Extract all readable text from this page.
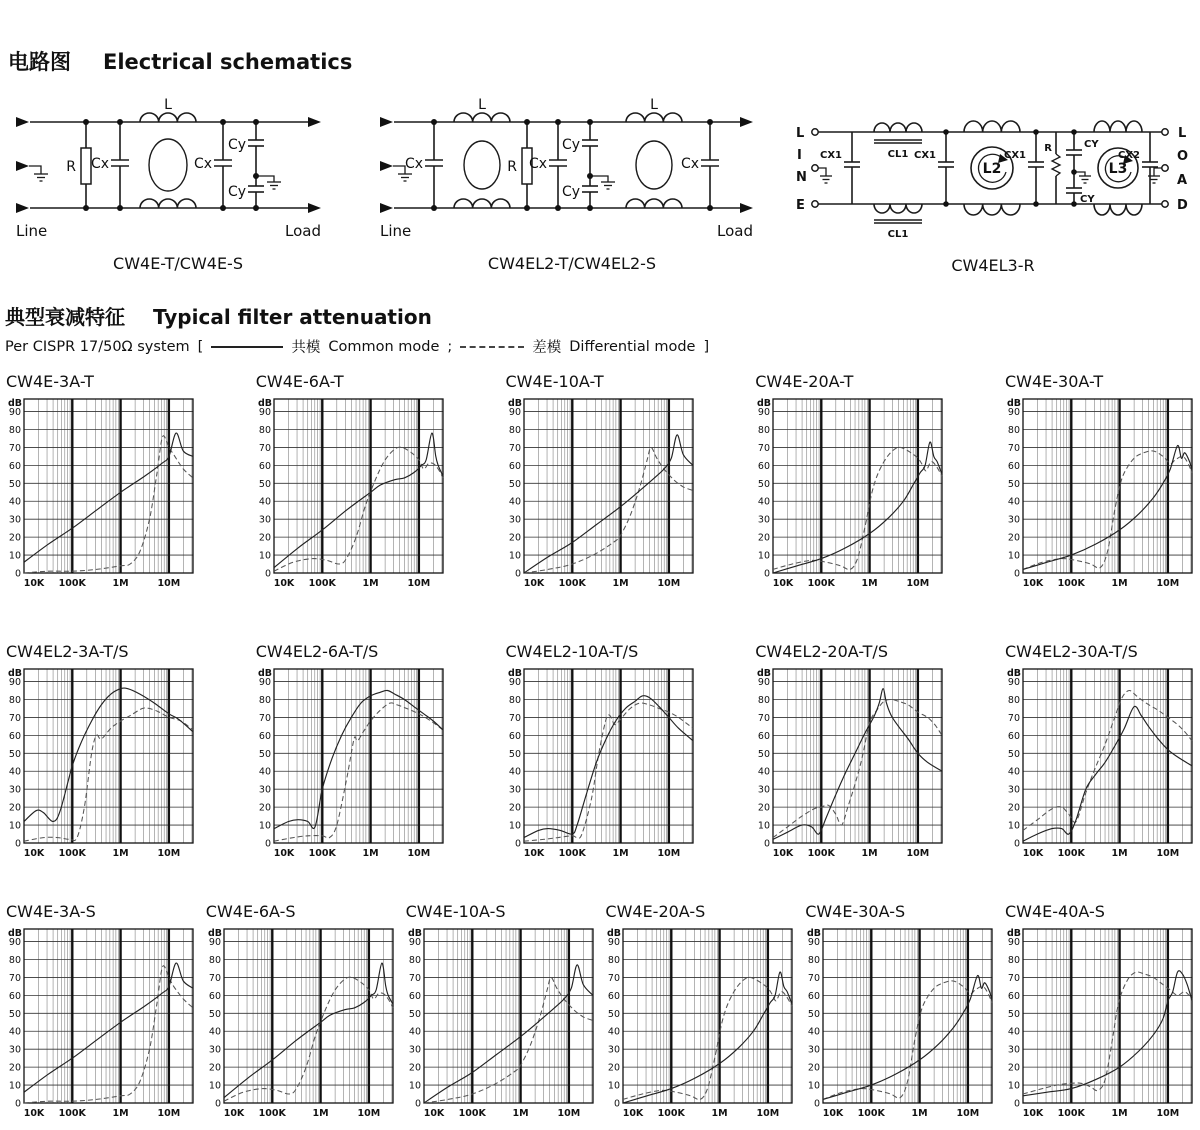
电路图 Electrical schematics
L
R Cx	Cx
Cy
Cy
Line	Load
CW4E-T/CW4E-S
L	L
Cx	R Cx
Cy
Cy
Cx
Line	Load
CW4EL2-T/CW4EL2-S
L
I
N
E
L
O
A
D
CX1	CL1
CL1
CX1
L2
CX1
R	CY
CY
L3
CX2
CW4EL3-R
典型衰减特征 Typical filter attenuation
Per CISPR 17/50Ω system [	共模 Common mode ;	差模 Differential mode ]
CW4E-3A-T
dB
90
80
70
60
50
40
30
20
10
0
10K 100K	1M	10M
CW4E-6A-T
dB
90
80
70
60
50
40
30
20
10
0
10K 100K	1M	10M
CW4E-10A-T
dB
90
80
70
60
50
40
30
20
10
0
10K 100K	1M	10M
CW4E-20A-T
dB
90
80
70
60
50
40
30
20
10
0
10K 100K	1M	10M
CW4E-30A-T
dB
90
80
70
60
50
40
30
20
10
0
10K 100K	1M	10M
CW4EL2-3A-T/S
dB
90
80
70
60
50
40
30
20
10
0
10K 100K	1M	10M
CW4EL2-6A-T/S
dB
90
80
70
60
50
40
30
20
10
0
10K 100K	1M	10M
CW4EL2-10A-T/S
dB
90
80
70
60
50
40
30
20
10
0
10K 100K	1M	10M
CW4EL2-20A-T/S
dB
90
80
70
60
50
40
30
20
10
0
10K 100K	1M	10M
CW4EL2-30A-T/S
dB
90
80
70
60
50
40
30
20
10
0
10K 100K	1M	10M
CW4E-3A-S
dB
90
80
70
60
50
40
30
20
10
0
10K 100K	1M	10M
CW4E-6A-S
dB
90
80
70
60
50
40
30
20
10
0
10K 100K	1M	10M
CW4E-10A-S
dB
90
80
70
60
50
40
30
20
10
0
10K 100K	1M	10M
CW4E-20A-S
dB
90
80
70
60
50
40
30
20
10
0
10K 100K	1M	10M
CW4E-30A-S
dB
90
80
70
60
50
40
30
20
10
0
10K 100K	1M	10M
CW4E-40A-S
dB
90
80
70
60
50
40
30
20
10
0
10K 100K	1M	10M
